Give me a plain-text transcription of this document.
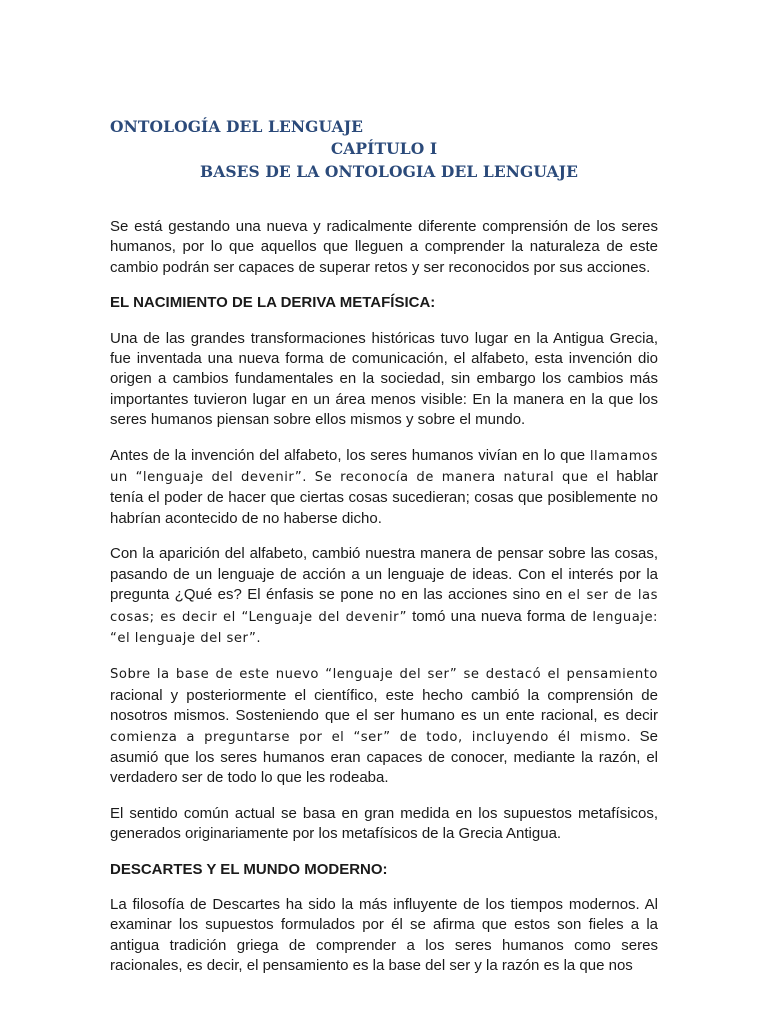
ONTOLOGÍA DEL LENGUAJE

CAPÍTULO I

BASES DE LA ONTOLOGIA DEL LENGUAJE

Se está gestando una nueva y radicalmente diferente comprensión de los seres humanos, por lo que aquellos que lleguen a comprender la naturaleza de este cambio podrán ser capaces de superar retos y ser reconocidos por sus acciones.

EL NACIMIENTO DE LA DERIVA METAFÍSICA:

Una de las grandes transformaciones históricas tuvo lugar en la Antigua Grecia, fue inventada una nueva forma de comunicación, el alfabeto, esta invención dio origen a cambios fundamentales en la sociedad, sin embargo los cambios más importantes tuvieron lugar en un área menos visible: En la manera en la que los seres humanos piensan sobre ellos mismos y sobre el mundo.

Antes de la invención del alfabeto, los seres humanos vivían en lo que llamamos un “lenguaje del devenir”. Se reconocía de manera natural que el hablar tenía el poder de hacer que ciertas cosas sucedieran; cosas que posiblemente no habrían acontecido de no haberse dicho.

Con la aparición del alfabeto, cambió nuestra manera de pensar sobre las cosas, pasando de un lenguaje de acción a un lenguaje de ideas. Con el interés por la pregunta ¿Qué es? El énfasis se pone no en las acciones sino en el ser de las cosas; es decir el “Lenguaje del devenir” tomó una nueva forma de lenguaje: “el lenguaje del ser”.

Sobre la base de este nuevo “lenguaje del ser” se destacó el pensamiento racional y posteriormente el científico, este hecho cambió la comprensión de nosotros mismos. Sosteniendo que el ser humano es un ente racional, es decir comienza a preguntarse por el “ser” de todo, incluyendo él mismo. Se asumió que los seres humanos eran capaces de conocer, mediante la razón, el verdadero ser de todo lo que les rodeaba.

El sentido común actual se basa en gran medida en los supuestos metafísicos, generados originariamente por los metafísicos de la Grecia Antigua.

DESCARTES Y EL MUNDO MODERNO:

La filosofía de Descartes ha sido la más influyente de los tiempos modernos. Al examinar los supuestos formulados por él se afirma que estos son fieles a la antigua tradición griega de comprender a los seres humanos como seres racionales, es decir, el pensamiento es la base del ser y la razón es la que nos
